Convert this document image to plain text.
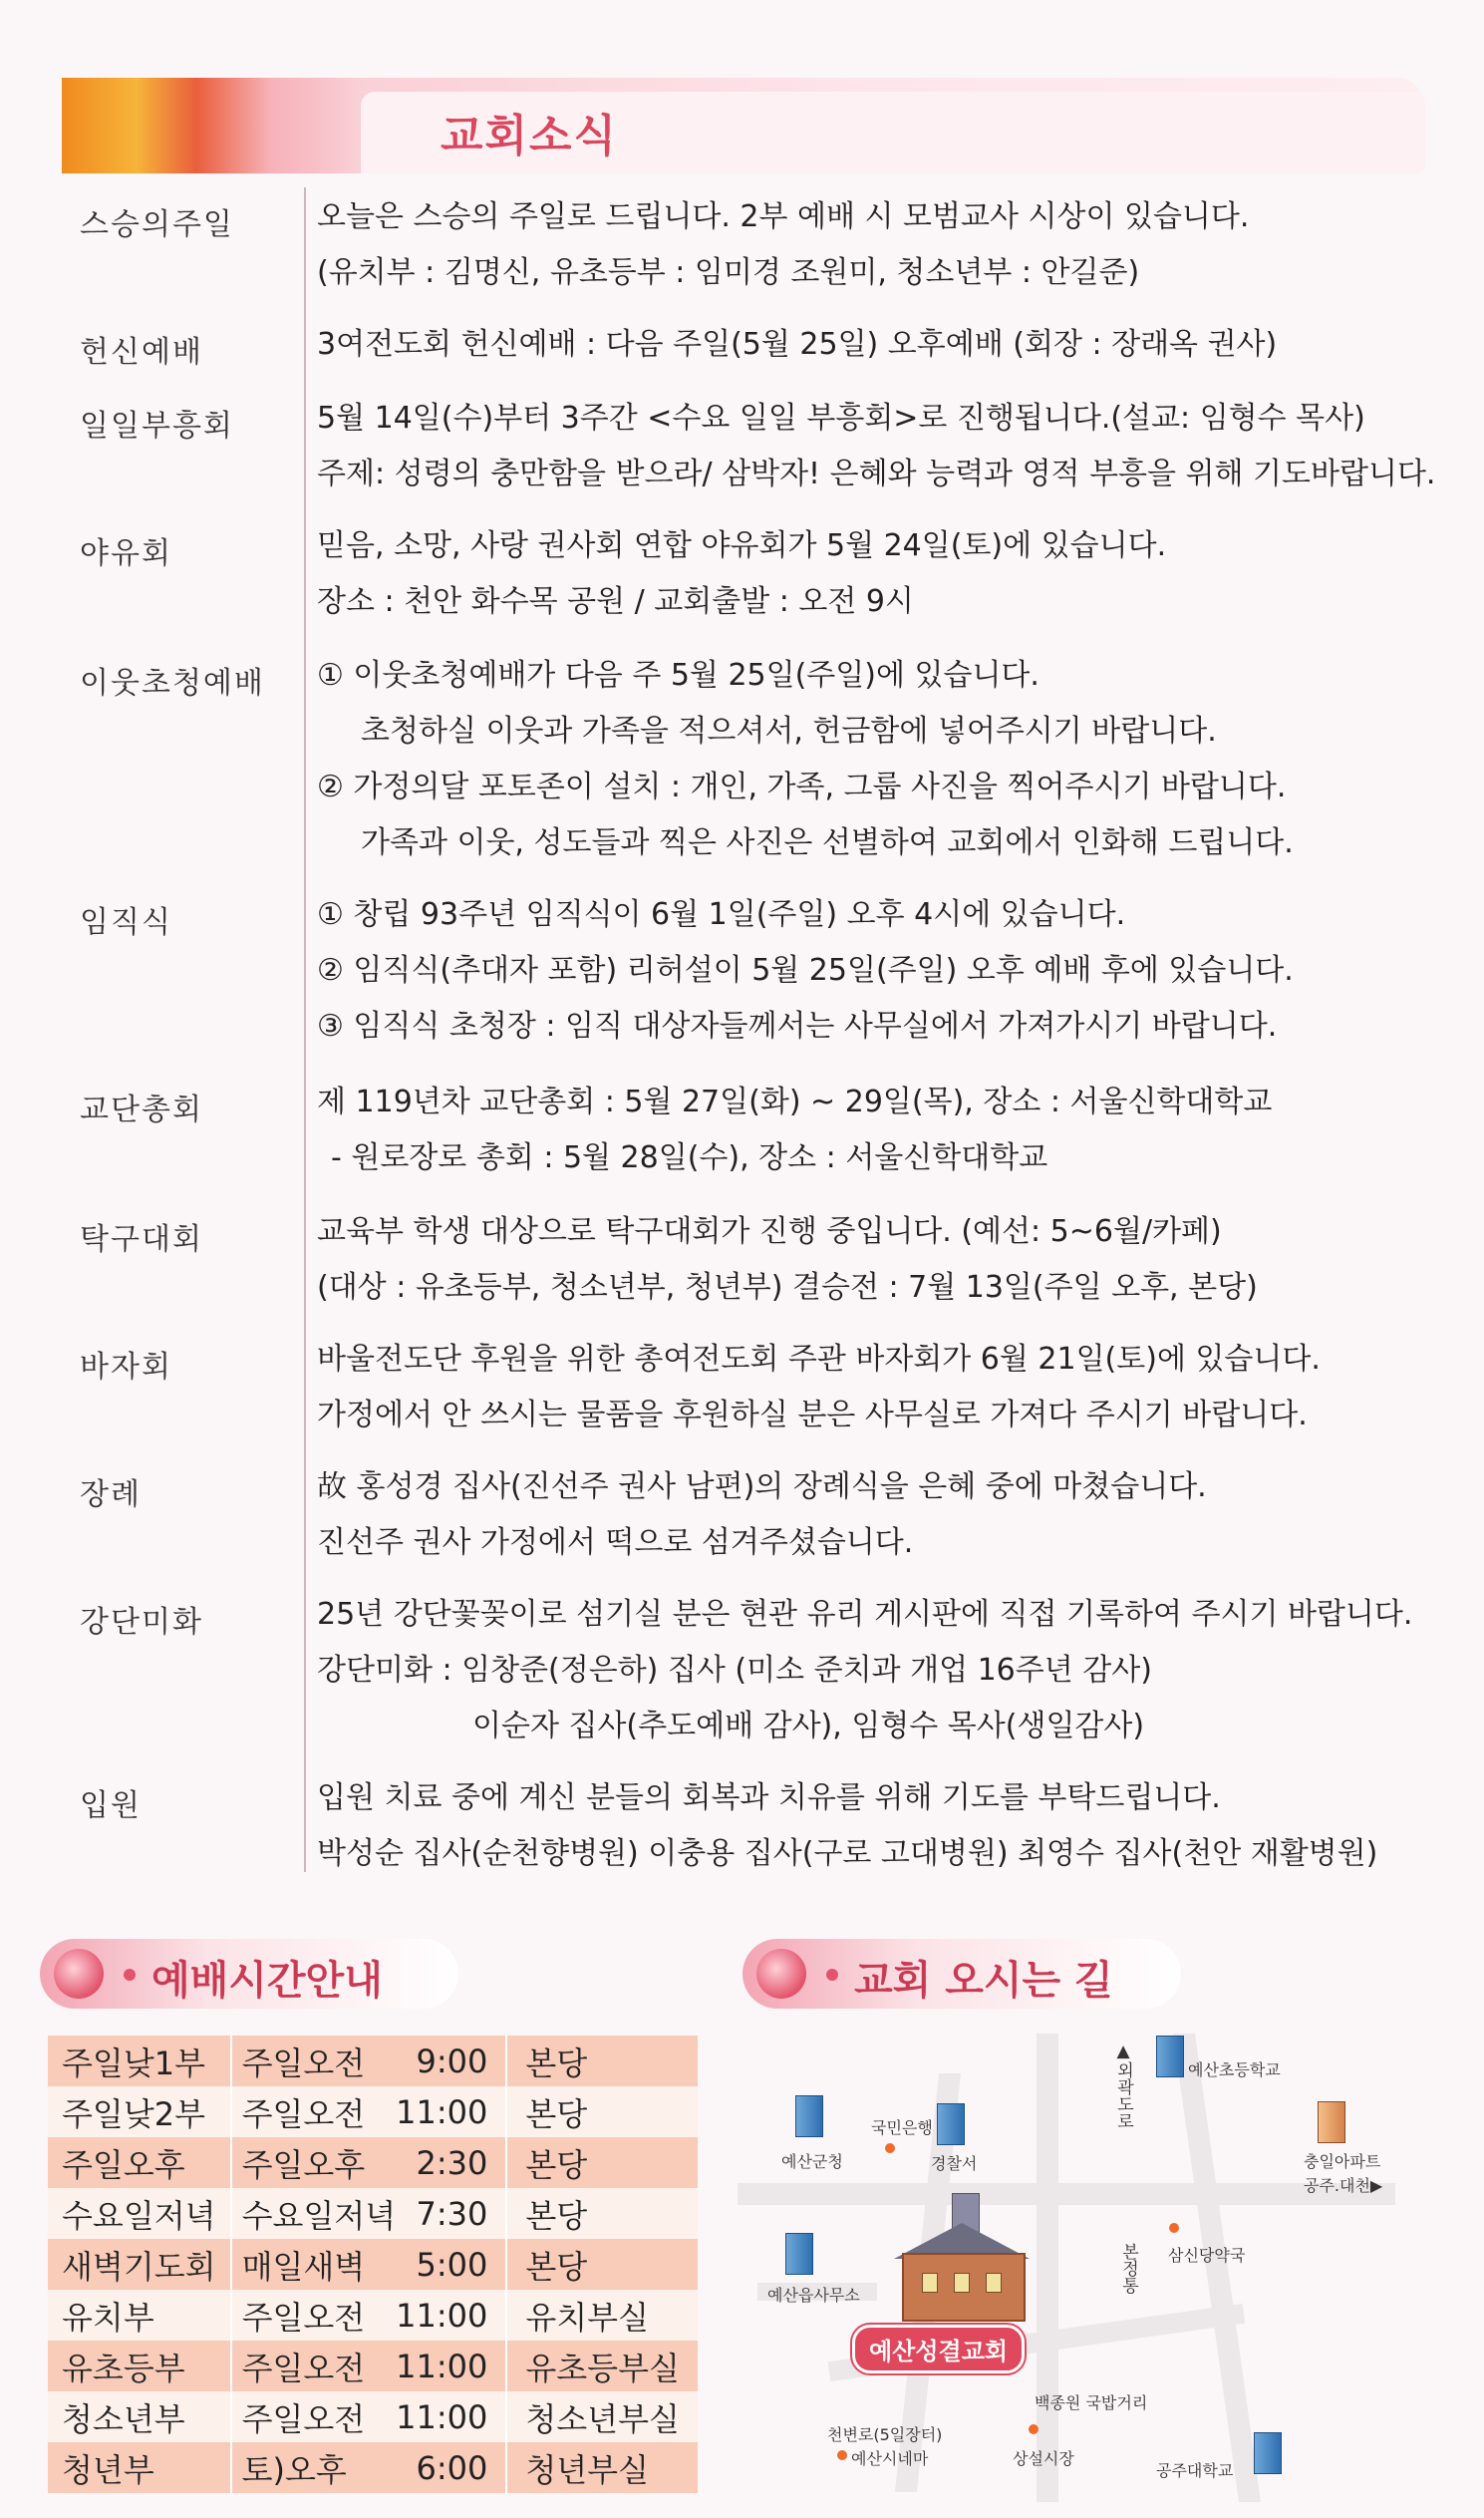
교회소식
스승의주일	오늘은 스승의 주일로 드립니다. 2부 예배 시 모범교사 시상이 있습니다.
(유치부 : 김명신, 유초등부 : 임미경 조원미, 청소년부 : 안길준)
헌신예배	3여전도회 헌신예배 : 다음 주일(5월 25일) 오후예배 (회장 : 장래옥 권사)
일일부흥회	5월 14일(수)부터 3주간 <수요 일일 부흥회>로 진행됩니다.(설교: 임형수 목사)
주제: 성령의 충만함을 받으라/ 삼박자! 은혜와 능력과 영적 부흥을 위해 기도바랍니다.
야유회	믿음, 소망, 사랑 권사회 연합 야유회가 5월 24일(토)에 있습니다.
장소 : 천안 화수목 공원 / 교회출발 : 오전 9시
이웃초청예배	① 이웃초청예배가 다음 주 5월 25일(주일)에 있습니다.
초청하실 이웃과 가족을 적으셔서, 헌금함에 넣어주시기 바랍니다.
② 가정의달 포토존이 설치 : 개인, 가족, 그룹 사진을 찍어주시기 바랍니다.
가족과 이웃, 성도들과 찍은 사진은 선별하여 교회에서 인화해 드립니다.
임직식	① 창립 93주년 임직식이 6월 1일(주일) 오후 4시에 있습니다.
② 임직식(추대자 포함) 리허설이 5월 25일(주일) 오후 예배 후에 있습니다.
③ 임직식 초청장 : 임직 대상자들께서는 사무실에서 가져가시기 바랍니다.
교단총회	제 119년차 교단총회 : 5월 27일(화) ~ 29일(목), 장소 : 서울신학대학교
- 원로장로 총회 : 5월 28일(수), 장소 : 서울신학대학교
탁구대회	교육부 학생 대상으로 탁구대회가 진행 중입니다. (예선: 5~6월/카페)
(대상 : 유초등부, 청소년부, 청년부) 결승전 : 7월 13일(주일 오후, 본당)
바자회	바울전도단 후원을 위한 총여전도회 주관 바자회가 6월 21일(토)에 있습니다.
가정에서 안 쓰시는 물품을 후원하실 분은 사무실로 가져다 주시기 바랍니다.
장례	故 홍성경 집사(진선주 권사 남편)의 장례식을 은혜 중에 마쳤습니다.
진선주 권사 가정에서 떡으로 섬겨주셨습니다.
강단미화	25년 강단꽃꽂이로 섬기실 분은 현관 유리 게시판에 직접 기록하여 주시기 바랍니다.
강단미화 : 임창준(정은하) 집사 (미소 준치과 개업 16주년 감사)
이순자 집사(추도예배 감사), 임형수 목사(생일감사)
입원	입원 치료 중에 계신 분들의 회복과 치유를 위해 기도를 부탁드립니다.
박성순 집사(순천향병원) 이충용 집사(구로 고대병원) 최영수 집사(천안 재활병원)
예배시간안내
주일낮1부	주일오전	9:00	본당
주일낮2부	주일오전	11:00	본당
주일오후	주일오후	2:30	본당
수요일저녁	수요일저녁	7:30	본당
새벽기도회	매일새벽	5:00	본당
유치부	주일오전	11:00	유치부실
유초등부	주일오전	11:00	유초등부실
청소년부	주일오전	11:00	청소년부실
청년부	토)오후	6:00	청년부실
교회 오시는 길
예산초등학교
▲외곽도로
충일아파트
공주.대천▶
예산군청
국민은행
경찰서
삼신당약국
본정통
예산읍사무소
예산성결교회
백종원 국밥거리
천변로(5일장터)
예산시네마	상설시장
공주대학교
